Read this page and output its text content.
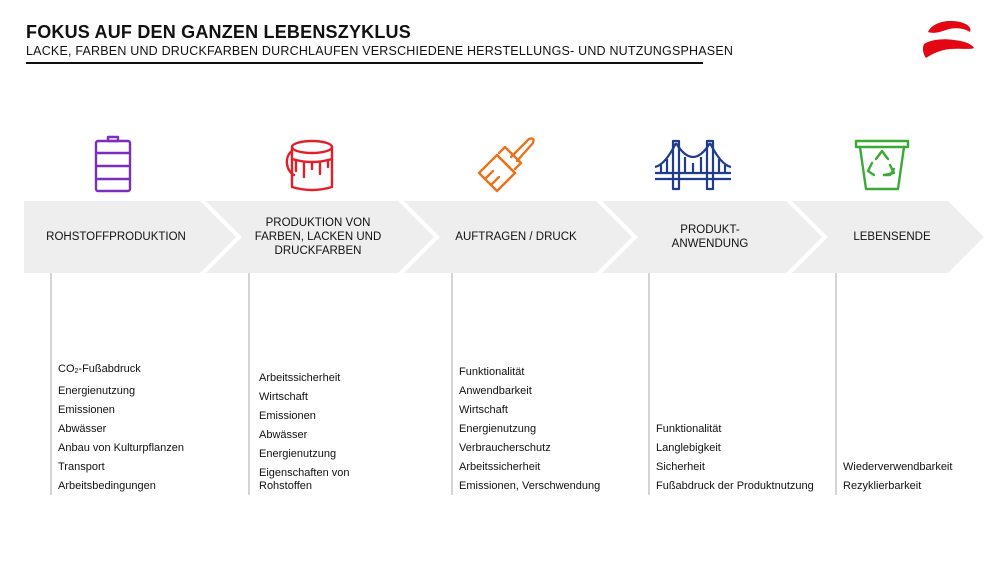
FOKUS AUF DEN GANZEN LEBENSZYKLUS
LACKE, FARBEN UND DRUCKFARBEN DURCHLAUFEN VERSCHIEDENE HERSTELLUNGS- UND NUTZUNGSPHASEN
ROHSTOFFPRODUKTION
PRODUKTION VON
FARBEN, LACKEN UND
DRUCKFARBEN
AUFTRAGEN / DRUCK
PRODUKT-
ANWENDUNG
LEBENSENDE
$CO_2$-Fußabdruck
Energienutzung
Emissionen
Abwässer
Anbau von Kulturpflanzen
Transport
Arbeitsbedingungen
Arbeitssicherheit
Wirtschaft
Emissionen
Abwässer
Energienutzung
Eigenschaften von
Rohstoffen
Funktionalität
Anwendbarkeit
Wirtschaft
Energienutzung
Verbraucherschutz
Arbeitssicherheit
Emissionen, Verschwendung
Funktionalität
Langlebigkeit
Sicherheit
Fußabdruck der Produktnutzung
Wiederverwendbarkeit
Rezyklierbarkeit
